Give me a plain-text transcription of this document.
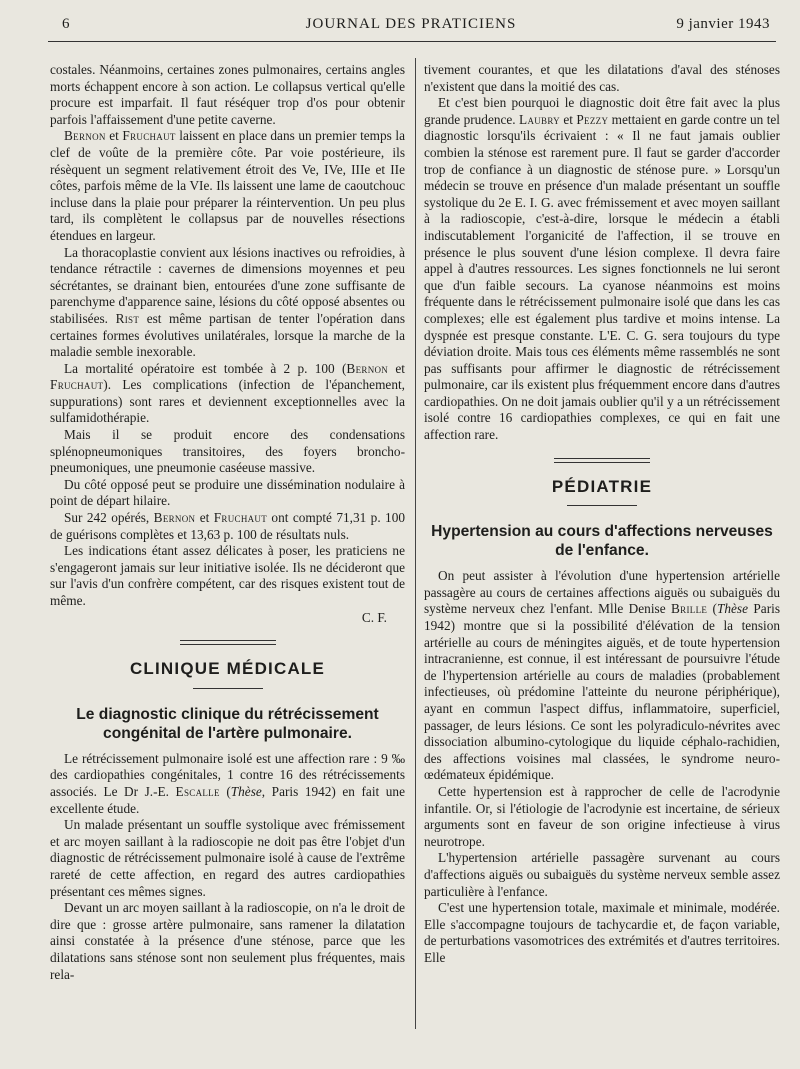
6	JOURNAL DES PRATICIENS	9 janvier 1943

costales. Néanmoins, certaines zones pulmonaires, certains angles morts échappent encore à son action. Le collapsus vertical qu'elle procure est imparfait. Il faut réséquer trop d'os pour obtenir parfois l'affaissement d'une petite caverne.

Bernon et Fruchaut laissent en place dans un premier temps la clef de voûte de la première côte. Par voie postérieure, ils résèquent un segment relativement étroit des Ve, IVe, IIIe et IIe côtes, parfois même de la VIe. Ils laissent une lame de caoutchouc incluse dans la plaie pour préparer la réintervention. Un peu plus tard, ils complètent le collapsus par de nouvelles résections étendues en largeur.

La thoracoplastie convient aux lésions inactives ou refroidies, à tendance rétractile : cavernes de dimensions moyennes et peu sécrétantes, se drainant bien, entourées d'une zone suffisante de parenchyme d'apparence saine, lésions du côté opposé absentes ou stabilisées. Rist est même partisan de tenter l'opération dans certaines formes évolutives unilatérales, lorsque la marche de la maladie semble inexorable.

La mortalité opératoire est tombée à 2 p. 100 (Bernon et Fruchaut). Les complications (infection de l'épanchement, suppurations) sont rares et deviennent exceptionnelles avec la sulfamidothérapie.

Mais il se produit encore des condensations splénopneumoniques transitoires, des foyers broncho-pneumoniques, une pneumonie caséeuse massive.

Du côté opposé peut se produire une dissémination nodulaire à point de départ hilaire.

Sur 242 opérés, Bernon et Fruchaut ont compté 71,31 p. 100 de guérisons complètes et 13,63 p. 100 de résultats nuls.

Les indications étant assez délicates à poser, les praticiens ne s'engageront jamais sur leur initiative isolée. Ils ne décideront que sur l'avis d'un confrère compétent, car des risques existent tout de même.

C. F.

CLINIQUE MÉDICALE
Le diagnostic clinique du rétrécissement congénital de l'artère pulmonaire.

Le rétrécissement pulmonaire isolé est une affection rare : 9 ‰ des cardiopathies congénitales, 1 contre 16 des rétrécissements associés. Le Dr J.-E. Escalle (Thèse, Paris 1942) en fait une excellente étude.

Un malade présentant un souffle systolique avec frémissement et arc moyen saillant à la radioscopie ne doit pas être l'objet d'un diagnostic de rétrécissement pulmonaire isolé à cause de l'extrême rareté de cette affection, en regard des autres cardiopathies présentant ces mêmes signes.

Devant un arc moyen saillant à la radioscopie, on n'a le droit de dire que : grosse artère pulmonaire, sans ramener la dilatation ainsi constatée à la présence d'une sténose, parce que les dilatations sans sténose sont non seulement plus fréquentes, mais rela-

tivement courantes, et que les dilatations d'aval des sténoses n'existent que dans la moitié des cas.

Et c'est bien pourquoi le diagnostic doit être fait avec la plus grande prudence. Laubry et Pezzy mettaient en garde contre un tel diagnostic lorsqu'ils écrivaient : « Il ne faut jamais oublier combien la sténose est rarement pure. Il faut se garder d'accorder trop de confiance à un diagnostic de sténose pure. » Lorsqu'un médecin se trouve en présence d'un malade présentant un souffle systolique du 2e E. I. G. avec frémissement et avec moyen saillant à la radioscopie, c'est-à-dire, lorsque le médecin a établi indiscutablement l'organicité de l'affection, il se trouve en présence le plus souvent d'une lésion complexe. Il devra faire appel à d'autres ressources. Les signes fonctionnels ne lui seront que d'un faible secours. La cyanose néanmoins est moins fréquente dans le rétrécissement pulmonaire isolé que dans les cas complexes; elle est également plus tardive et moins intense. La dyspnée est presque constante. L'E. C. G. sera toujours du type déviation droite. Mais tous ces éléments même rassemblés ne sont pas suffisants pour affirmer le diagnostic de rétrécissement pulmonaire, car ils existent plus fréquemment encore dans d'autres cardiopathies. On ne doit jamais oublier qu'il y a un rétrécissement isolé contre 16 cardiopathies complexes, ce qui en fait une affection rare.

PÉDIATRIE
Hypertension au cours d'affections nerveuses de l'enfance.

On peut assister à l'évolution d'une hypertension artérielle passagère au cours de certaines affections aiguës ou subaiguës du système nerveux chez l'enfant. Mlle Denise Brille (Thèse Paris 1942) montre que si la possibilité d'élévation de la tension artérielle au cours de méningites aiguës, et de toute hypertension intracranienne, est connue, il est intéressant de poursuivre l'étude de l'hypertension artérielle au cours de maladies (probablement infectieuses, où prédomine l'atteinte du neurone périphérique), ayant en commun l'aspect diffus, inflammatoire, superficiel, passager, de leurs lésions. Ce sont les polyradiculo-névrites avec dissociation albumino-cytologique du liquide céphalo-rachidien, des affections voisines mal classées, le syndrome neuro-œdémateux épidémique.

Cette hypertension est à rapprocher de celle de l'acrodynie infantile. Or, si l'étiologie de l'acrodynie est incertaine, de sérieux arguments sont en faveur de son origine infectieuse à virus neurotrope.

L'hypertension artérielle passagère survenant au cours d'affections aiguës ou subaiguës du système nerveux semble assez particulière à l'enfance.

C'est une hypertension totale, maximale et minimale, modérée. Elle s'accompagne toujours de tachycardie et, de façon variable, de perturbations vasomotrices des extrémités et d'autres territoires. Elle
